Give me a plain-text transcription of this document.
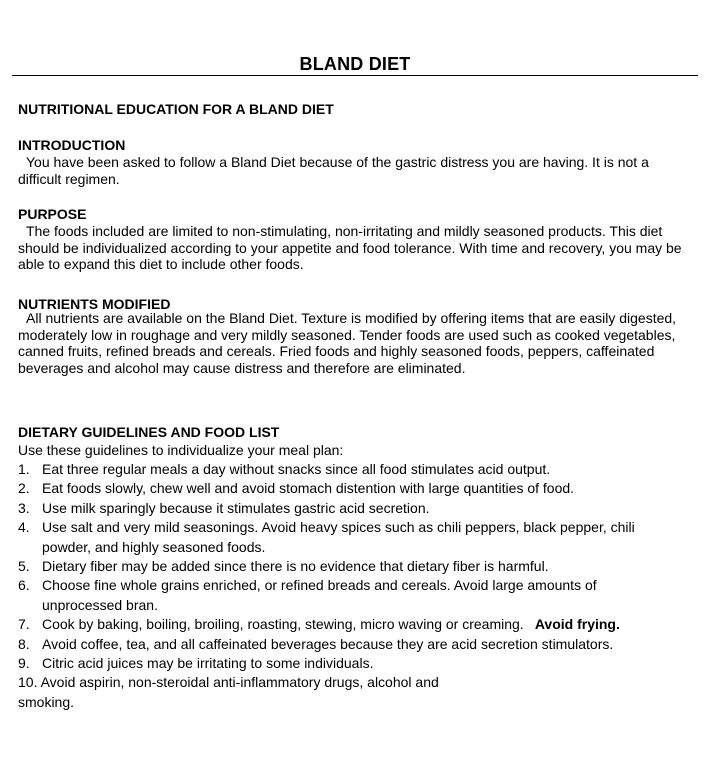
BLAND DIET
NUTRITIONAL EDUCATION FOR A BLAND DIET
INTRODUCTION
You have been asked to follow a Bland Diet because of the gastric distress you are having. It is not a difficult regimen.
PURPOSE
The foods included are limited to non-stimulating, non-irritating and mildly seasoned products. This diet should be individualized according to your appetite and food tolerance. With time and recovery, you may be able to expand this diet to include other foods.
NUTRIENTS MODIFIED
All nutrients are available on the Bland Diet. Texture is modified by offering items that are easily digested, moderately low in roughage and very mildly seasoned. Tender foods are used such as cooked vegetables, canned fruits, refined breads and cereals. Fried foods and highly seasoned foods, peppers, caffeinated beverages and alcohol may cause distress and therefore are eliminated.
DIETARY GUIDELINES AND FOOD LIST
Use these guidelines to individualize your meal plan:
1. Eat three regular meals a day without snacks since all food stimulates acid output.
2. Eat foods slowly, chew well and avoid stomach distention with large quantities of food.
3. Use milk sparingly because it stimulates gastric acid secretion.
4. Use salt and very mild seasonings. Avoid heavy spices such as chili peppers, black pepper, chili powder, and highly seasoned foods.
5. Dietary fiber may be added since there is no evidence that dietary fiber is harmful.
6. Choose fine whole grains enriched, or refined breads and cereals. Avoid large amounts of unprocessed bran.
7. Cook by baking, boiling, broiling, roasting, stewing, micro waving or creaming.   Avoid frying.
8. Avoid coffee, tea, and all caffeinated beverages because they are acid secretion stimulators.
9. Citric acid juices may be irritating to some individuals.
10. Avoid aspirin, non-steroidal anti-inflammatory drugs, alcohol and
smoking.
